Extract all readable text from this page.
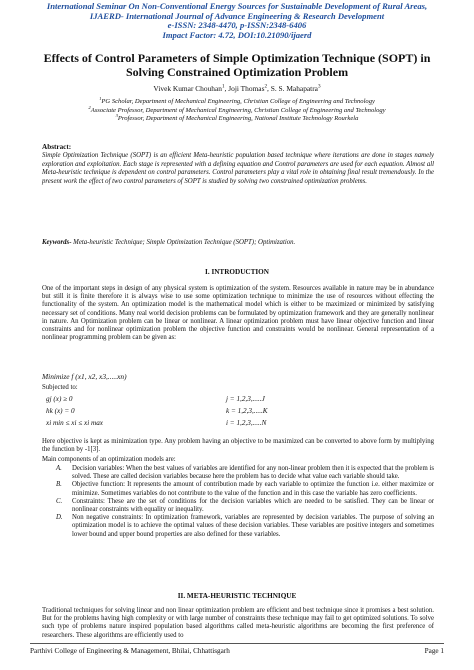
International Seminar On Non-Conventional Energy Sources for Sustainable Development of Rural Areas,
IJAERD- International Journal of Advance Engineering & Research Development
e-ISSN: 2348-4470, p-ISSN:2348-6406
Impact Factor: 4.72, DOI:10.21090/ijaerd
Effects of Control Parameters of Simple Optimization Technique (SOPT) in Solving Constrained Optimization Problem
Vivek Kumar Chouhan$^1$, Joji Thomas$^2$, S. S. Mahapatra$^3$
$^1$PG Scholar, Department of Mechanical Engineering, Christian College of Engineering and Technology
$^2$Associate Professor, Department of Mechanical Engineering, Christian College of Engineering and Technology
$^3$Professor, Department of Mechanical Engineering, National Institute Technology Rourkela
Abstract:
Simple Optimization Technique (SOPT) is an efficient Meta-heuristic population based technique where iterations are done in stages namely exploration and exploitation. Each stage is represented with a defining equation and Control parameters are used for each equation. Almost all Meta-heuristic technique is dependent on control parameters. Control parameters play a vital role in obtaining final result tremendously. In the present work the effect of two control parameters of SOPT is studied by solving two constrained optimization problems.
Keywords- Meta-heuristic Technique; Simple Optimization Technique (SOPT); Optimization.
I. INTRODUCTION
One of the important steps in design of any physical system is optimization of the system. Resources available in nature may be in abundance but still it is finite therefore it is always wise to use some optimization technique to minimize the use of resources without effecting the functionality of the system. An optimization model is the mathematical model which is either to be maximized or minimized by satisfying necessary set of conditions. Many real world decision problems can be formulated by optimization framework and they are generally nonlinear in nature. An Optimization problem can be linear or nonlinear. A linear optimization problem must have linear objective function and linear constraints and for nonlinear optimization problem the objective function and constraints would be nonlinear. General representation of a nonlinear programming problem can be given as:
Minimize f (x1, x2, x3,.....xn)
Subjected to:
gj (x) ≥ 0	j = 1,2,3,.....J
hk (x) = 0	k = 1,2,3,.....K
xi min ≤ xi ≤ xi max	i = 1,2,3,.....N
Here objective is kept as minimization type. Any problem having an objective to be maximized can be converted to above form by multiplying the function by -1[3].
Main components of an optimization models are:
A. Decision variables: When the best values of variables are identified for any non-linear problem then it is expected that the problem is solved. These are called decision variables because here the problem has to decide what value each variable should take.
B. Objective function: It represents the amount of contribution made by each variable to optimize the function i.e. either maximize or minimize. Sometimes variables do not contribute to the value of the function and in this case the variable has zero coefficients.
C. Constraints: These are the set of conditions for the decision variables which are needed to be satisfied. They can be linear or nonlinear constraints with equality or inequality.
D. Non negative constraints: In optimization framework, variables are represented by decision variables. The purpose of solving an optimization model is to achieve the optimal values of these decision variables. These variables are positive integers and sometimes lower bound and upper bound properties are also defined for these variables.
II. META-HEURISTIC TECHNIQUE
Traditional techniques for solving linear and non linear optimization problem are efficient and best technique since it promises a best solution. But for the problems having high complexity or with large number of constraints these technique may fail to get optimized solutions. To solve such type of problems nature inspired population based algorithms called meta-heuristic algorithms are becoming the first preference of researchers. These algorithms are efficiently used to
Parthivi College of Engineering & Management, Bhilai, Chhattisgarh	Page 1
